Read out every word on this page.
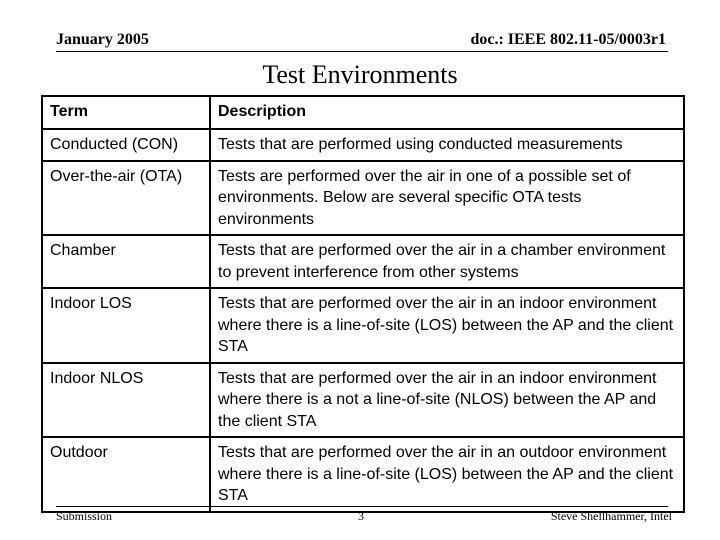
January 2005	doc.: IEEE 802.11-05/0003r1
Test Environments
Term	Description
Conducted (CON)	Tests that are performed using conducted measurements
Over-the-air (OTA)	Tests are performed over the air in one of a possible set of environments. Below are several specific OTA tests environments
Chamber	Tests that are performed over the air in a chamber environment to prevent interference from other systems
Indoor LOS	Tests that are performed over the air in an indoor environment where there is a line-of-site (LOS) between the AP and the client STA
Indoor NLOS	Tests that are performed over the air in an indoor environment where there is a not a line-of-site (NLOS) between the AP and the client STA
Outdoor	Tests that are performed over the air in an outdoor environment where there is a line-of-site (LOS) between the AP and the client STA
Submission	3	Steve Shellhammer, Intel
